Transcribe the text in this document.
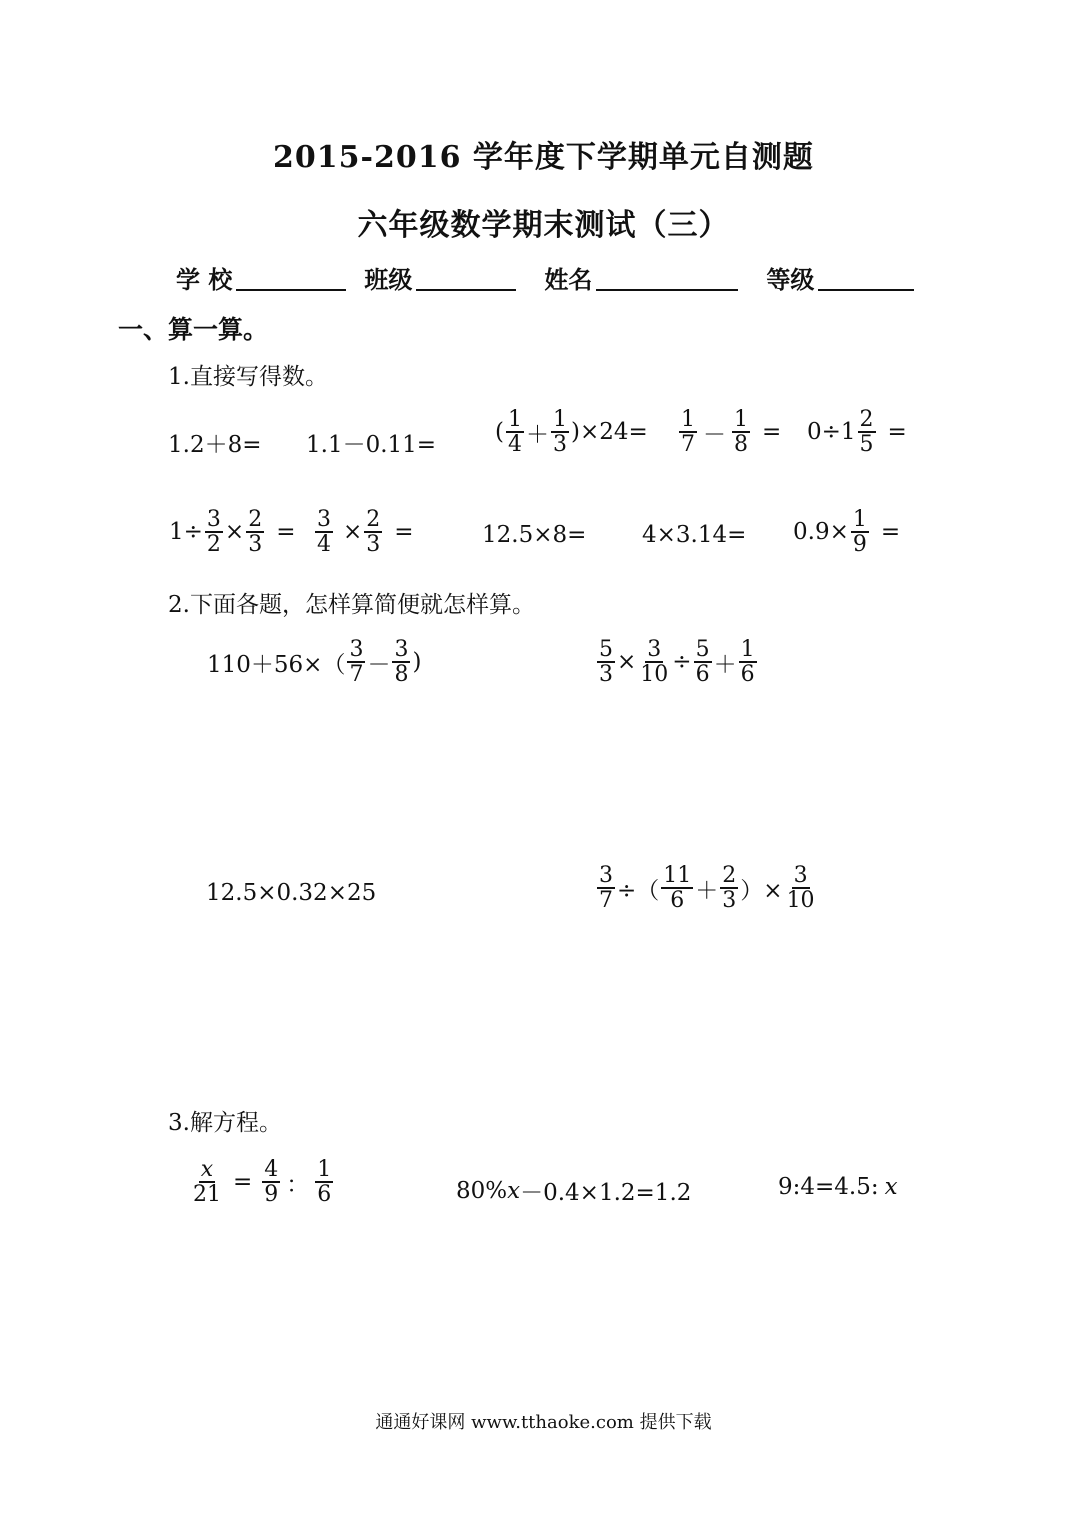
2015-2016 学年度下学期单元自测题
六年级数学期末测试（三）
学 校	班级	姓名	等级
一、算一算。
1.直接写得数。
1.2＋8= 1.1－0.11=	( $\frac{1}{4} + \frac{1}{3} )\times 24= \frac{1}{7} - \frac{1}{8} = 0\div 1 \frac{2}{5}$ =
$1\div \frac{3}{2} \times \frac{2}{3} = \frac{3}{4} \times \frac{2}{3}$ =	$12.5\times 8= 4\times 3.14= 0.9\times \frac{1}{9}$ =
2.下面各题，怎样算简便就怎样算。
$110+56\times( \frac{3}{7} - \frac{3}{8}$ )	$\frac{5}{3} \times \frac{3}{10} \div \frac{5}{6} + \frac{1}{6}$
12.5×0.32×25	$\frac{3}{7}$ ÷（ $\frac{11}{6} + \frac{2}{3}$ ）× $\frac{3}{10}$
3.解方程。
$\frac{x}{21} = \frac{4}{9}$ ： $\frac{1}{6}$	80% x －0.4×1.2=1.2	9:4=4.5: x
通通好课网 www.tthaoke.com 提供下载
